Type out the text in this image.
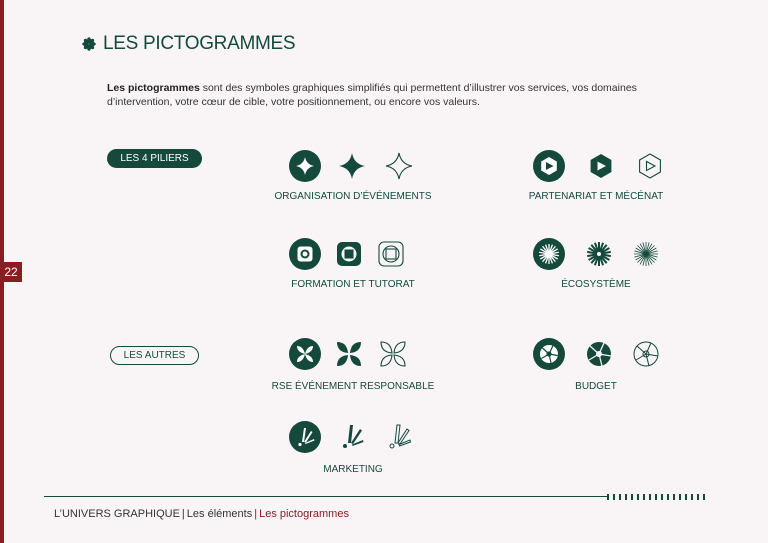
22
LES PICTOGRAMMES
Les pictogrammes sont des symboles graphiques simplifiés qui permettent d’illustrer vos services, vos domaines d’intervention, votre cœur de cible, votre positionnement, ou encore vos valeurs.
LES 4 PILIERS
LES AUTRES
ORGANISATION D’ÉVÉNEMENTS	PARTENARIAT ET MÉCÉNAT
FORMATION ET TUTORAT	ÉCOSYSTÈME
RSE ÉVÉNEMENT RESPONSABLE	BUDGET
MARKETING
L’UNIVERS GRAPHIQUE | Les éléments | Les pictogrammes
